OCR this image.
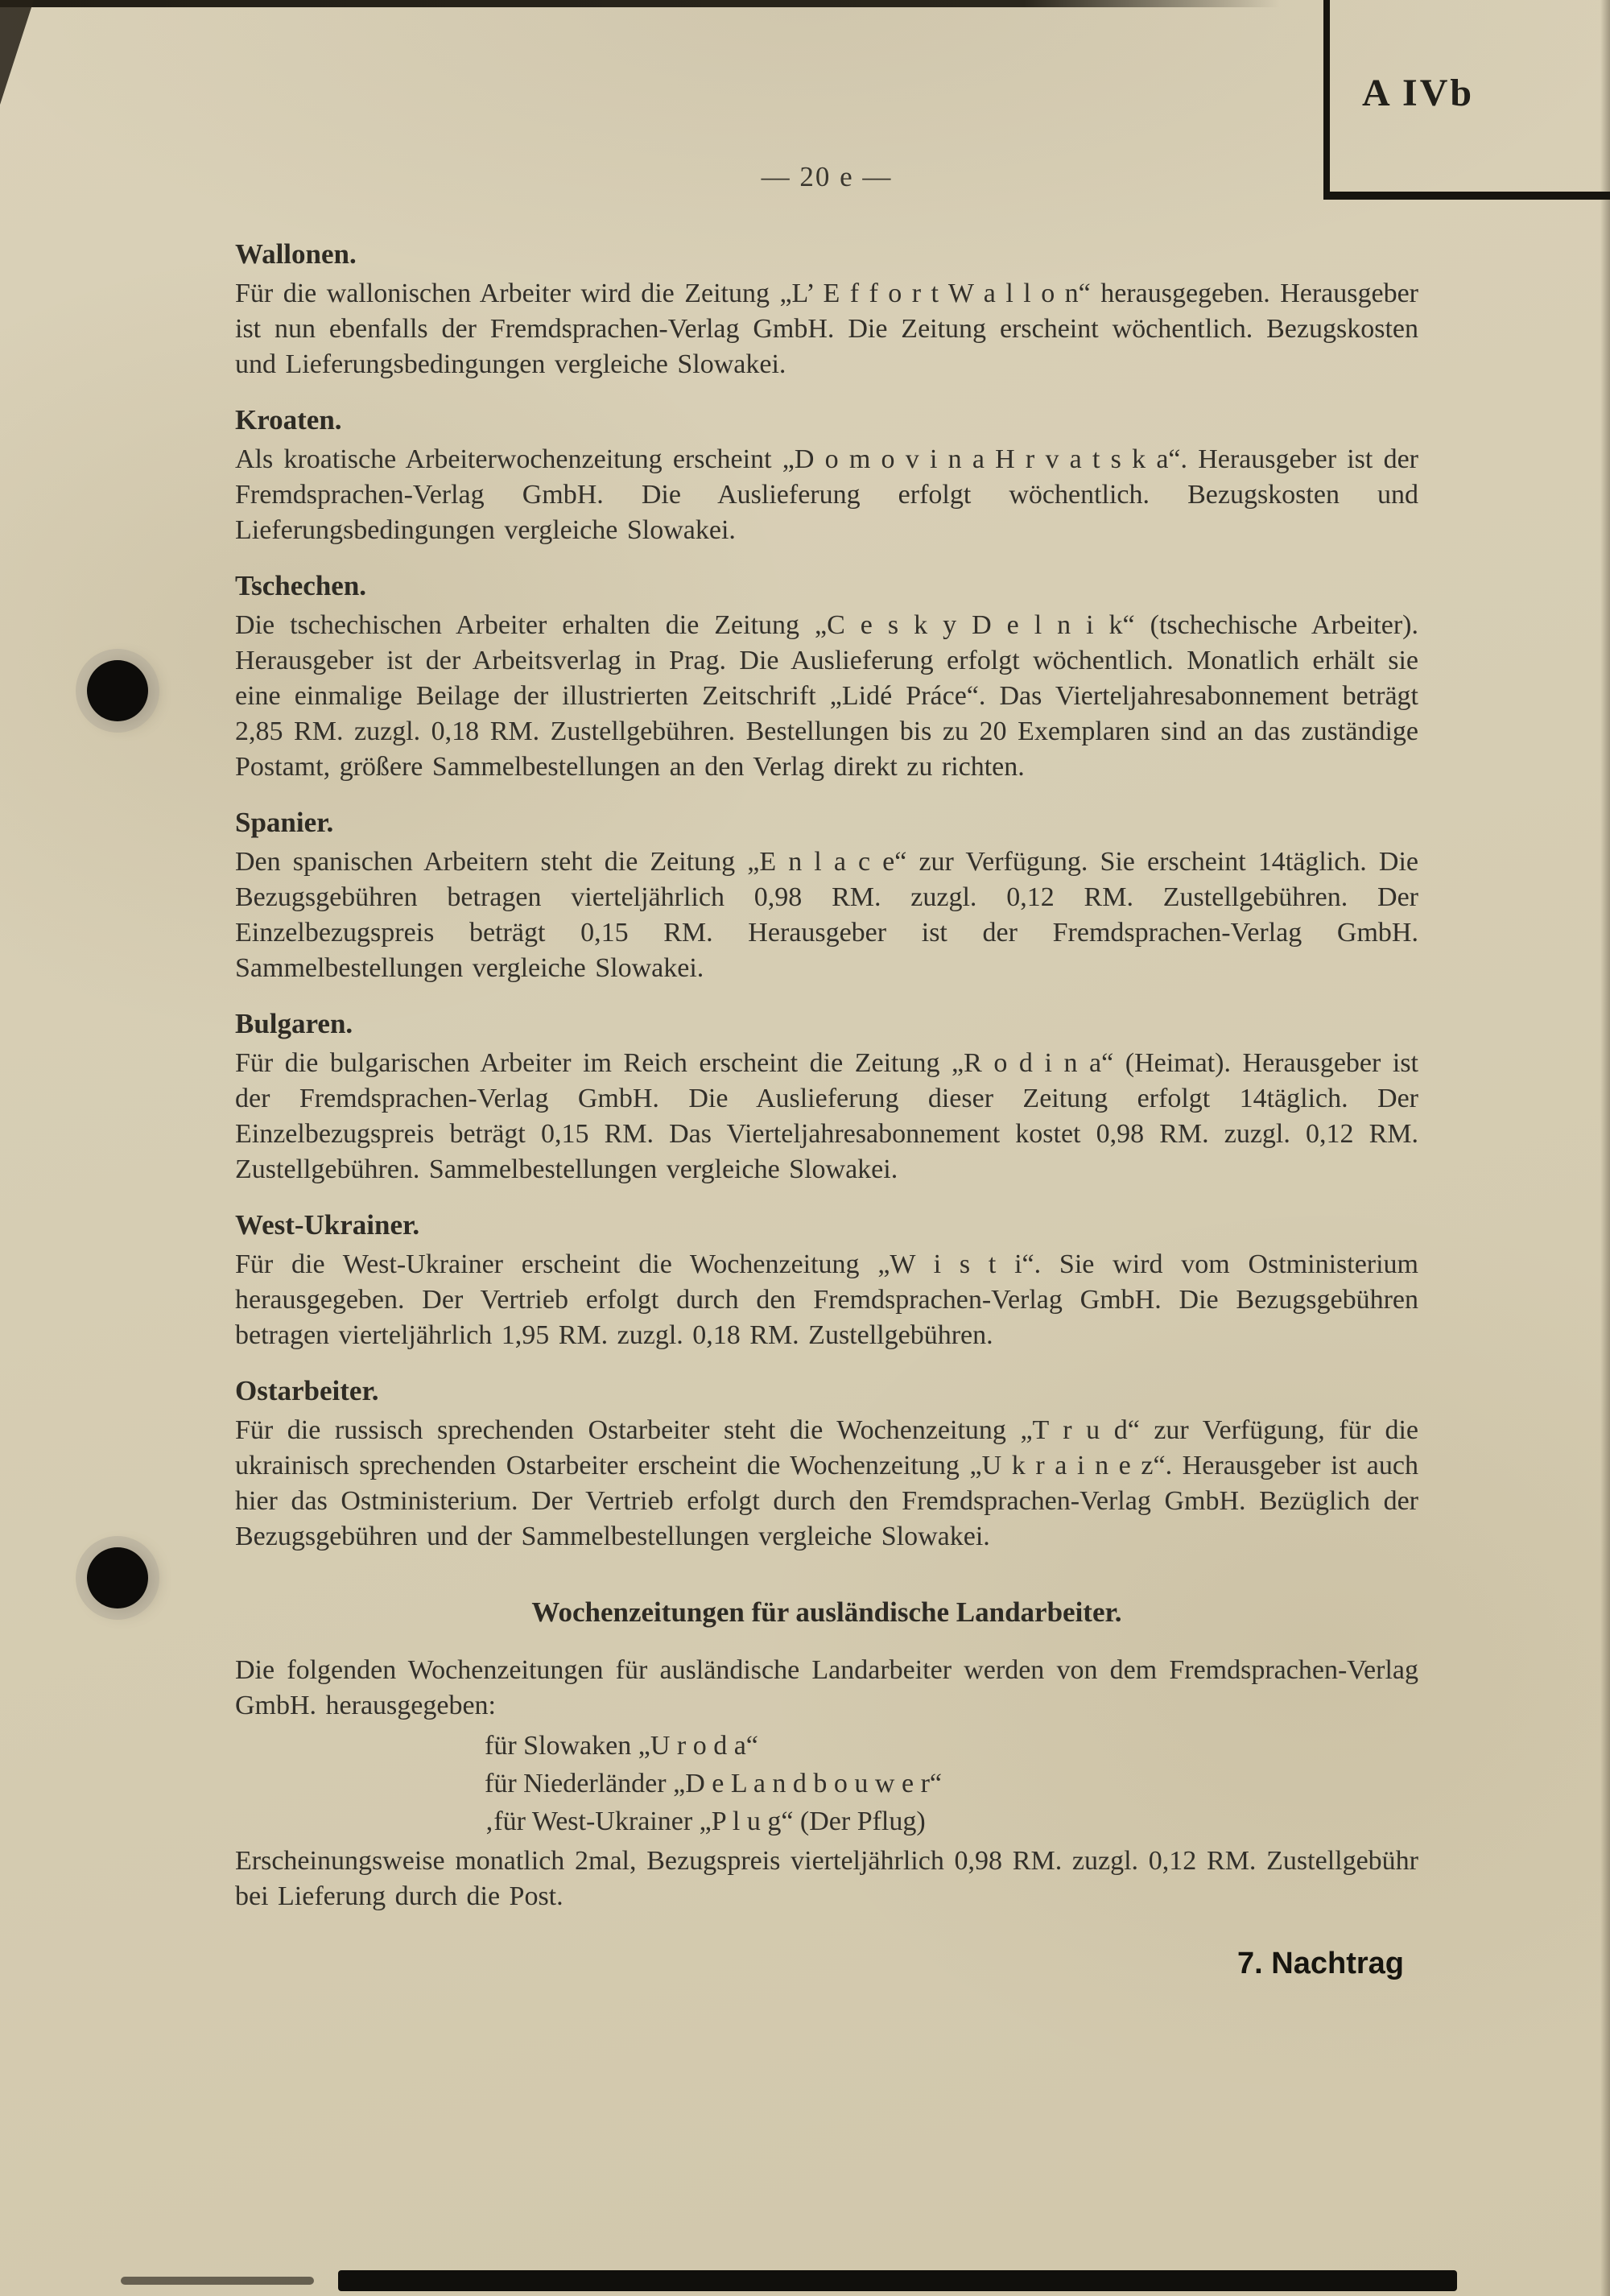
A IVb
— 20 e —
Wallonen.

Für die wallonischen Arbeiter wird die Zeitung „L’ E f f o r t W a l l o n“ herausgegeben. Herausgeber ist nun ebenfalls der Fremdsprachen-Verlag GmbH. Die Zeitung erscheint wöchentlich. Bezugskosten und Lieferungsbedingungen vergleiche Slowakei.

Kroaten.

Als kroatische Arbeiterwochenzeitung erscheint „D o m o v i n a H r v a t s k a“. Herausgeber ist der Fremdsprachen-Verlag GmbH. Die Auslieferung erfolgt wöchentlich. Bezugskosten und Lieferungsbedingungen vergleiche Slowakei.

Tschechen.

Die tschechischen Arbeiter erhalten die Zeitung „C e s k y D e l n i k“ (tschechische Arbeiter). Herausgeber ist der Arbeitsverlag in Prag. Die Auslieferung erfolgt wöchentlich. Monatlich erhält sie eine einmalige Beilage der illustrierten Zeitschrift „Lidé Práce“. Das Vierteljahresabonnement beträgt 2,85 RM. zuzgl. 0,18 RM. Zustellgebühren. Bestellungen bis zu 20 Exemplaren sind an das zuständige Postamt, größere Sammelbestellungen an den Verlag direkt zu richten.

Spanier.

Den spanischen Arbeitern steht die Zeitung „E n l a c e“ zur Verfügung. Sie erscheint 14täglich. Die Bezugsgebühren betragen vierteljährlich 0,98 RM. zuzgl. 0,12 RM. Zustellgebühren. Der Einzelbezugspreis beträgt 0,15 RM. Herausgeber ist der Fremdsprachen-Verlag GmbH. Sammelbestellungen vergleiche Slowakei.

Bulgaren.

Für die bulgarischen Arbeiter im Reich erscheint die Zeitung „R o d i n a“ (Heimat). Herausgeber ist der Fremdsprachen-Verlag GmbH. Die Auslieferung dieser Zeitung erfolgt 14täglich. Der Einzelbezugspreis beträgt 0,15 RM. Das Vierteljahresabonnement kostet 0,98 RM. zuzgl. 0,12 RM. Zustellgebühren. Sammelbestellungen vergleiche Slowakei.

West-Ukrainer.

Für die West-Ukrainer erscheint die Wochenzeitung „W i s t i“. Sie wird vom Ostministerium herausgegeben. Der Vertrieb erfolgt durch den Fremdsprachen-Verlag GmbH. Die Bezugsgebühren betragen vierteljährlich 1,95 RM. zuzgl. 0,18 RM. Zustellgebühren.

Ostarbeiter.

Für die russisch sprechenden Ostarbeiter steht die Wochenzeitung „T r u d“ zur Verfügung, für die ukrainisch sprechenden Ostarbeiter erscheint die Wochenzeitung „U k r a i n e z“. Herausgeber ist auch hier das Ostministerium. Der Vertrieb erfolgt durch den Fremdsprachen-Verlag GmbH. Bezüglich der Bezugsgebühren und der Sammelbestellungen vergleiche Slowakei.

Wochenzeitungen für ausländische Landarbeiter.

Die folgenden Wochenzeitungen für ausländische Landarbeiter werden von dem Fremdsprachen-Verlag GmbH. herausgegeben:

für Slowaken „U r o d a“
für Niederländer „D e L a n d b o u w e r“
‚für West-Ukrainer „P l u g“ (Der Pflug)

Erscheinungsweise monatlich 2mal, Bezugspreis vierteljährlich 0,98 RM. zuzgl. 0,12 RM. Zustellgebühr bei Lieferung durch die Post.

7. Nachtrag
